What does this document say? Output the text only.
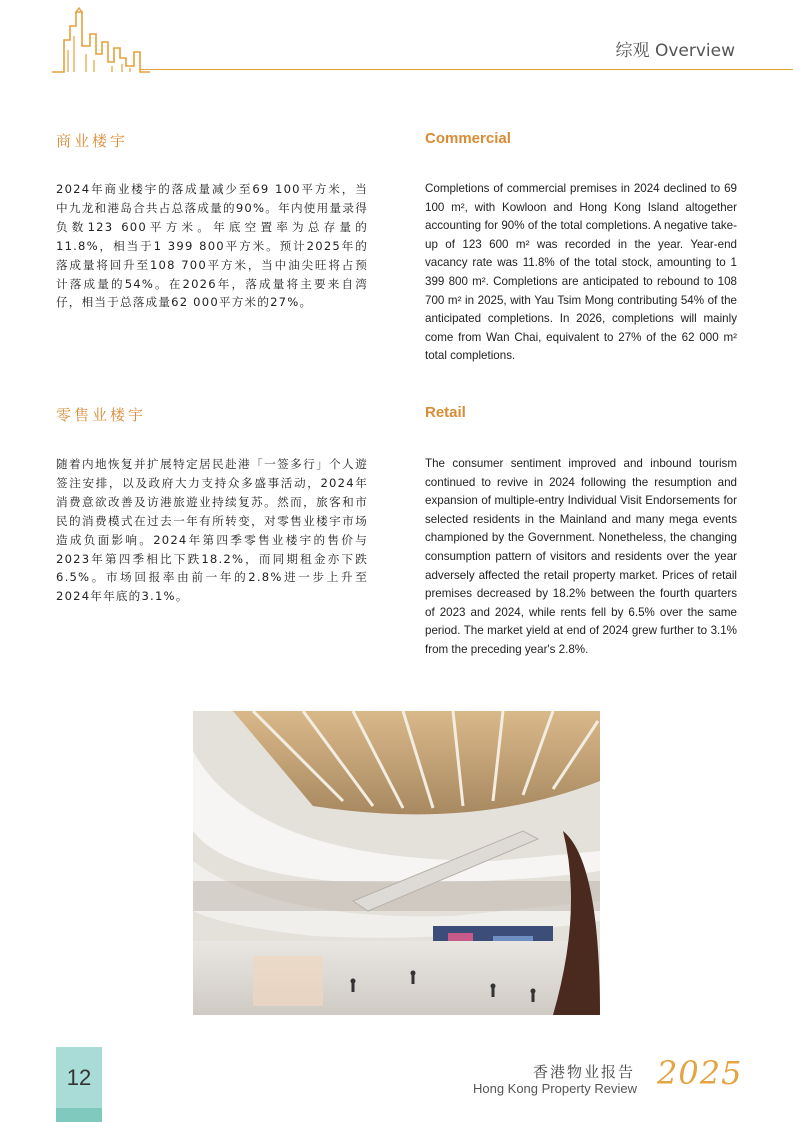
综观 Overview
商业楼宇	Commercial
2024年商业楼宇的落成量减少至69 100平方米，当中九龙和港岛合共占总落成量的90%。年内使用量录得负数123 600平方米。年底空置率为总存量的11.8%，相当于1 399 800平方米。预计2025年的落成量将回升至108 700平方米，当中油尖旺将占预计落成量的54%。在2026年，落成量将主要来自湾仔，相当于总落成量62 000平方米的27%。
Completions of commercial premises in 2024 declined to 69 100 m², with Kowloon and Hong Kong Island altogether accounting for 90% of the total completions. A negative take-up of 123 600 m² was recorded in the year. Year-end vacancy rate was 11.8% of the total stock, amounting to 1 399 800 m². Completions are anticipated to rebound to 108 700 m² in 2025, with Yau Tsim Mong contributing 54% of the anticipated completions. In 2026, completions will mainly come from Wan Chai, equivalent to 27% of the 62 000 m² total completions.
零售业楼宇	Retail
随着内地恢复并扩展特定居民赴港「一签多行」个人遊签注安排，以及政府大力支持众多盛事活动，2024年消费意欲改善及访港旅遊业持续复苏。然而，旅客和市民的消费模式在过去一年有所转变，对零售业楼宇市场造成负面影响。2024年第四季零售业楼宇的售价与2023年第四季相比下跌18.2%，而同期租金亦下跌6.5%。市场回报率由前一年的2.8%进一步上升至2024年年底的3.1%。
The consumer sentiment improved and inbound tourism continued to revive in 2024 following the resumption and expansion of multiple-entry Individual Visit Endorsements for selected residents in the Mainland and many mega events championed by the Government. Nonetheless, the changing consumption pattern of visitors and residents over the year adversely affected the retail property market. Prices of retail premises decreased by 18.2% between the fourth quarters of 2023 and 2024, while rents fell by 6.5% over the same period. The market yield at end of 2024 grew further to 3.1% from the preceding year's 2.8%.
12	香港物业报告
Hong Kong Property Review 2025
